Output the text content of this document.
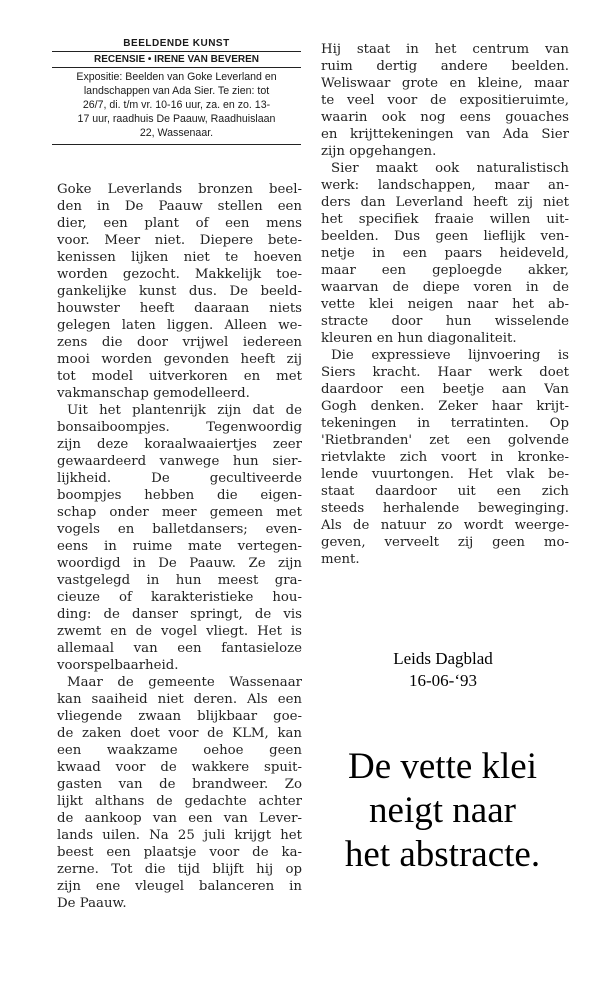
BEELDENDE KUNST
RECENSIE • IRENE VAN BEVEREN
Expositie: Beelden van Goke Leverland en
landschappen van Ada Sier. Te zien: tot
26/7, di. t/m vr. 10-16 uur, za. en zo. 13-
17 uur, raadhuis De Paauw, Raadhuislaan
22, Wassenaar.
Goke Leverlands bronzen beel-
den in De Paauw stellen een
dier, een plant of een mens
voor. Meer niet. Diepere bete-
kenissen lijken niet te hoeven
worden gezocht. Makkelijk toe-
gankelijke kunst dus. De beeld-
houwster heeft daaraan niets
gelegen laten liggen. Alleen we-
zens die door vrijwel iedereen
mooi worden gevonden heeft zij
tot model uitverkoren en met
vakmanschap gemodelleerd.
Uit het plantenrijk zijn dat de
bonsaiboompjes. Tegenwoordig
zijn deze koraalwaaiertjes zeer
gewaardeerd vanwege hun sier-
lijkheid. De gecultiveerde
boompjes hebben die eigen-
schap onder meer gemeen met
vogels en balletdansers; even-
eens in ruime mate vertegen-
woordigd in De Paauw. Ze zijn
vastgelegd in hun meest gra-
cieuze of karakteristieke hou-
ding: de danser springt, de vis
zwemt en de vogel vliegt. Het is
allemaal van een fantasieloze
voorspelbaarheid.
Maar de gemeente Wassenaar
kan saaiheid niet deren. Als een
vliegende zwaan blijkbaar goe-
de zaken doet voor de KLM, kan
een waakzame oehoe geen
kwaad voor de wakkere spuit-
gasten van de brandweer. Zo
lijkt althans de gedachte achter
de aankoop van een van Lever-
lands uilen. Na 25 juli krijgt het
beest een plaatsje voor de ka-
zerne. Tot die tijd blijft hij op
zijn ene vleugel balanceren in
De Paauw.
Hij staat in het centrum van
ruim dertig andere beelden.
Weliswaar grote en kleine, maar
te veel voor de expositieruimte,
waarin ook nog eens gouaches
en krijttekeningen van Ada Sier
zijn opgehangen.
Sier maakt ook naturalistisch
werk: landschappen, maar an-
ders dan Leverland heeft zij niet
het specifiek fraaie willen uit-
beelden. Dus geen lieflijk ven-
netje in een paars heideveld,
maar een geploegde akker,
waarvan de diepe voren in de
vette klei neigen naar het ab-
stracte door hun wisselende
kleuren en hun diagonaliteit.
Die expressieve lijnvoering is
Siers kracht. Haar werk doet
daardoor een beetje aan Van
Gogh denken. Zeker haar krijt-
tekeningen in terratinten. Op
'Rietbranden' zet een golvende
rietvlakte zich voort in kronke-
lende vuurtongen. Het vlak be-
staat daardoor uit een zich
steeds herhalende beweginging.
Als de natuur zo wordt weerge-
geven, verveelt zij geen mo-
ment.
Leids Dagblad
16-06-‘93
De vette klei
neigt naar
het abstracte.
